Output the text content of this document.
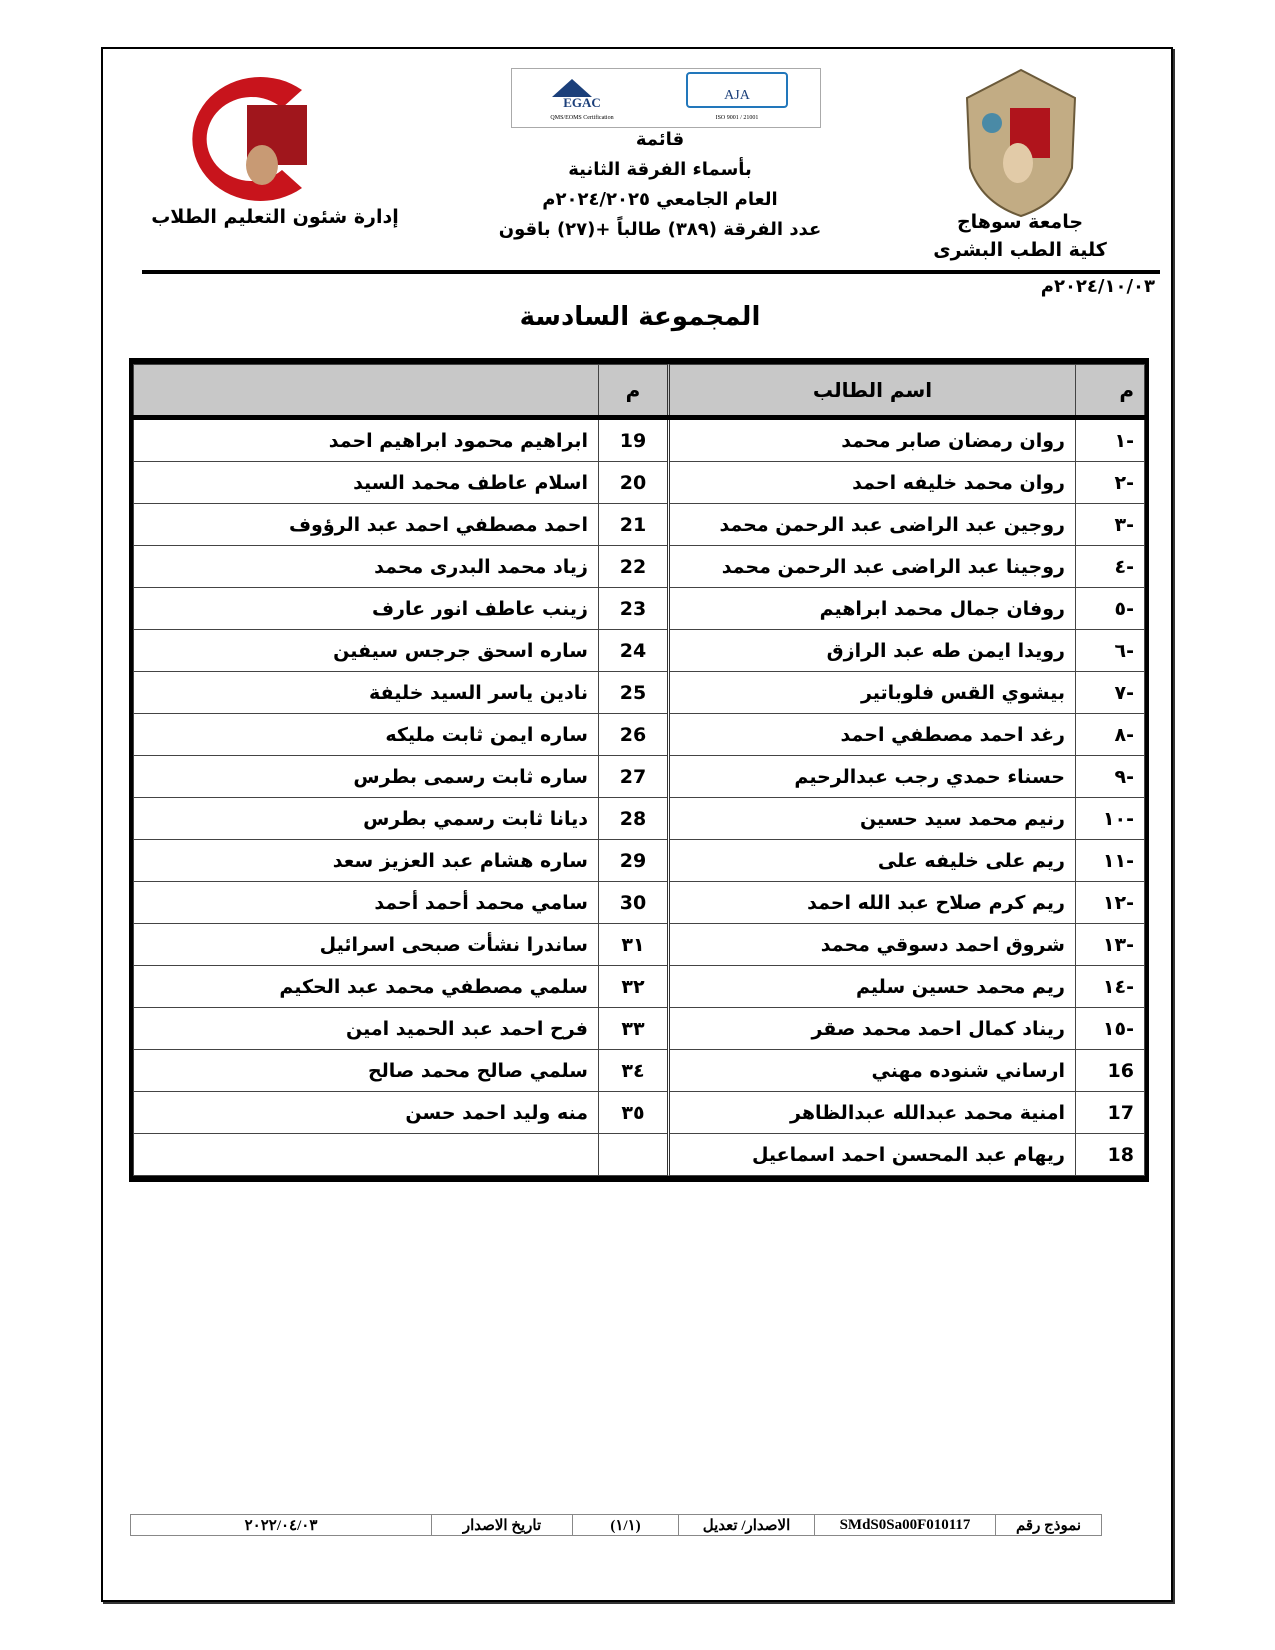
إدارة شئون التعليم الطلاب
EGAC
QMS/EOMS Certification
AJA
ISO 9001 / 21001
قائمة
بأسماء الفرقة الثانية
العام الجامعي ٢٠٢٤/٢٠٢٥م
عدد الفرقة (٣٨٩) طالباً +(٢٧) باقون	جامعة سوهاج
كلية الطب البشرى
٢٠٢٤/١٠/٠٣م
المجموعة السادسة
م	اسم الطالب	م	
-١	روان رمضان صابر محمد	19	ابراهيم محمود ابراهيم احمد
-٢	روان محمد خليفه احمد	20	اسلام عاطف محمد السيد
-٣	روجين عبد الراضى عبد الرحمن محمد	21	احمد مصطفي احمد عبد الرؤوف
-٤	روجينا عبد الراضى عبد الرحمن محمد	22	زياد محمد البدرى محمد
-٥	روفان جمال محمد ابراهيم	23	زينب عاطف انور عارف
-٦	رويدا ايمن طه عبد الرازق	24	ساره اسحق جرجس سيفين
-٧	بيشوي القس فلوباتير	25	نادين ياسر السيد خليفة
-٨	رغد احمد مصطفي احمد	26	ساره ايمن ثابت مليكه
-٩	حسناء حمدي رجب عبدالرحيم	27	ساره ثابت رسمى بطرس
-١٠	رنيم محمد سيد حسين	28	ديانا ثابت رسمي بطرس
-١١	ريم على خليفه على	29	ساره هشام عبد العزيز سعد
-١٢	ريم كرم صلاح عبد الله احمد	30	سامي محمد أحمد أحمد
-١٣	شروق احمد دسوقي محمد	٣١	ساندرا نشأت صبحى اسرائيل
-١٤	ريم محمد حسين سليم	٣٢	سلمي مصطفي محمد عبد الحكيم
-١٥	ريناد كمال احمد محمد صقر	٣٣	فرح احمد عبد الحميد امين
16	ارساني شنوده مهني	٣٤	سلمي صالح محمد صالح
17	امنية محمد عبدالله عبدالظاهر	٣٥	منه وليد احمد حسن
18	ريهام عبد المحسن احمد اسماعيل		
نموذج رقم
SMdS0Sa00F010117
الاصدار/ تعديل
(١/١)
تاريخ الاصدار
٢٠٢٢/٠٤/٠٣
